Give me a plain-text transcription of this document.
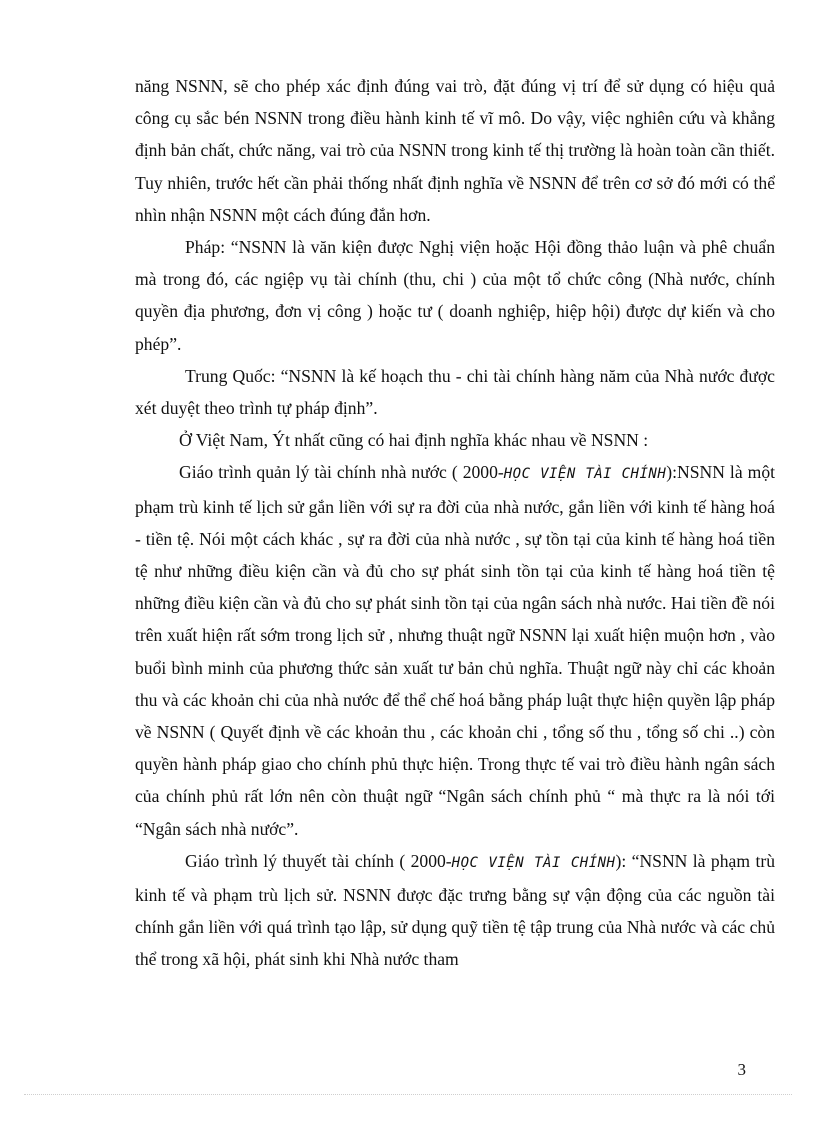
năng NSNN, sẽ cho phép xác định đúng vai trò, đặt đúng vị trí để sử dụng có hiệu quả công cụ sắc bén NSNN trong điều hành kinh tế vĩ mô. Do vậy, việc nghiên cứu và khẳng định bản chất, chức năng, vai trò của NSNN trong kinh tế thị trường là hoàn toàn cần thiết. Tuy nhiên, trước hết cần phải thống nhất định nghĩa về NSNN để trên cơ sở đó mới có thể nhìn nhận NSNN một cách đúng đắn hơn.

Pháp: “NSNN là văn kiện được Nghị viện hoặc Hội đồng thảo luận và phê chuẩn mà trong đó, các ngiệp vụ tài chính (thu, chi ) của một tổ chức công (Nhà nước, chính quyền địa phương, đơn vị công ) hoặc tư ( doanh nghiệp, hiệp hội) được dự kiến và cho phép”.

Trung Quốc: “NSNN là kế hoạch thu - chi tài chính hàng năm của Nhà nước được xét duyệt theo trình tự pháp định”.

Ở Việt Nam, Ýt nhất cũng có hai định nghĩa khác nhau về NSNN :

Giáo trình quản lý tài chính nhà nước ( 2000-HỌC VIỆN TÀI CHÍNH):NSNN là một phạm trù kinh tế lịch sử gắn liền với sự ra đời của nhà nước, gắn liền với kinh tế hàng hoá - tiền tệ. Nói một cách khác , sự ra đời của nhà nước , sự tồn tại của kinh tế hàng hoá tiền tệ như những điều kiện cần và đủ cho sự phát sinh tồn tại của kinh tế hàng hoá tiền tệ những điều kiện cần và đủ cho sự phát sinh tồn tại của ngân sách nhà nước. Hai tiền đề nói trên xuất hiện rất sớm trong lịch sử , nhưng thuật ngữ NSNN lại xuất hiện muộn hơn , vào buổi bình minh của phương thức sản xuất tư bản chủ nghĩa. Thuật ngữ này chỉ các khoản thu và các khoản chi của nhà nước để thể chế hoá bằng pháp luật thực hiện quyền lập pháp về NSNN ( Quyết định về các khoản thu , các khoản chi , tổng số thu , tổng số chi ..) còn quyền hành pháp giao cho chính phủ thực hiện. Trong thực tế vai trò điều hành ngân sách của chính phủ rất lớn nên còn thuật ngữ “Ngân sách chính phủ “ mà thực ra là nói tới “Ngân sách nhà nước”.

Giáo trình lý thuyết tài chính ( 2000-HỌC VIỆN TÀI CHÍNH): “NSNN là phạm trù kinh tế và phạm trù lịch sử. NSNN được đặc trưng bằng sự vận động của các nguồn tài chính gắn liền với quá trình tạo lập, sử dụng quỹ tiền tệ tập trung của Nhà nước và các chủ thể trong xã hội, phát sinh khi Nhà nước tham

3
